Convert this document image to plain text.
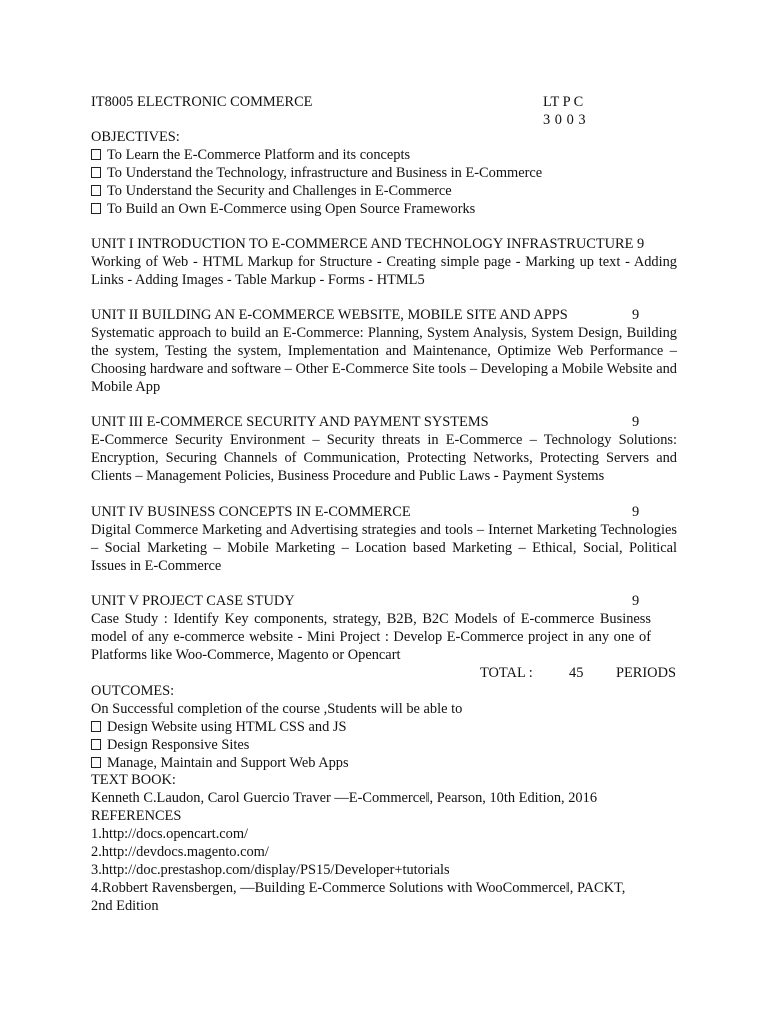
IT8005 ELECTRONIC COMMERCE	LT P C
3 0 0 3
OBJECTIVES:
To Learn the E-Commerce Platform and its concepts
To Understand the Technology, infrastructure and Business in E-Commerce
To Understand the Security and Challenges in E-Commerce
To Build an Own E-Commerce using Open Source Frameworks
UNIT I INTRODUCTION TO E-COMMERCE AND TECHNOLOGY INFRASTRUCTURE 9
Working of Web - HTML Markup for Structure - Creating simple page - Marking up text - Adding Links - Adding Images - Table Markup - Forms - HTML5
UNIT II BUILDING AN E-COMMERCE WEBSITE, MOBILE SITE AND APPS	9
Systematic approach to build an E-Commerce: Planning, System Analysis, System Design, Building the system, Testing the system, Implementation and Maintenance, Optimize Web Performance – Choosing hardware and software – Other E-Commerce Site tools – Developing a Mobile Website and Mobile App
UNIT III E-COMMERCE SECURITY AND PAYMENT SYSTEMS	9
E-Commerce Security Environment – Security threats in E-Commerce – Technology Solutions: Encryption, Securing Channels of Communication, Protecting Networks, Protecting Servers and Clients – Management Policies, Business Procedure and Public Laws - Payment Systems
UNIT IV BUSINESS CONCEPTS IN E-COMMERCE	9
Digital Commerce Marketing and Advertising strategies and tools – Internet Marketing Technologies – Social Marketing – Mobile Marketing – Location based Marketing – Ethical, Social, Political Issues in E-Commerce
UNIT V PROJECT CASE STUDY	9
Case Study : Identify Key components, strategy, B2B, B2C Models of E-commerce Business model of any e-commerce website - Mini Project : Develop E-Commerce project in any one of Platforms like Woo-Commerce, Magento or Opencart
TOTAL :	45 PERIODS
OUTCOMES:
On Successful completion of the course ,Students will be able to
Design Website using HTML CSS and JS
Design Responsive Sites
Manage, Maintain and Support Web Apps
TEXT BOOK:
Kenneth C.Laudon, Carol Guercio Traver ―E-Commerce‖, Pearson, 10th Edition, 2016
REFERENCES
1.http://docs.opencart.com/
2.http://devdocs.magento.com/
3.http://doc.prestashop.com/display/PS15/Developer+tutorials
4.Robbert Ravensbergen, ―Building E-Commerce Solutions with WooCommerce‖, PACKT,
2nd Edition
